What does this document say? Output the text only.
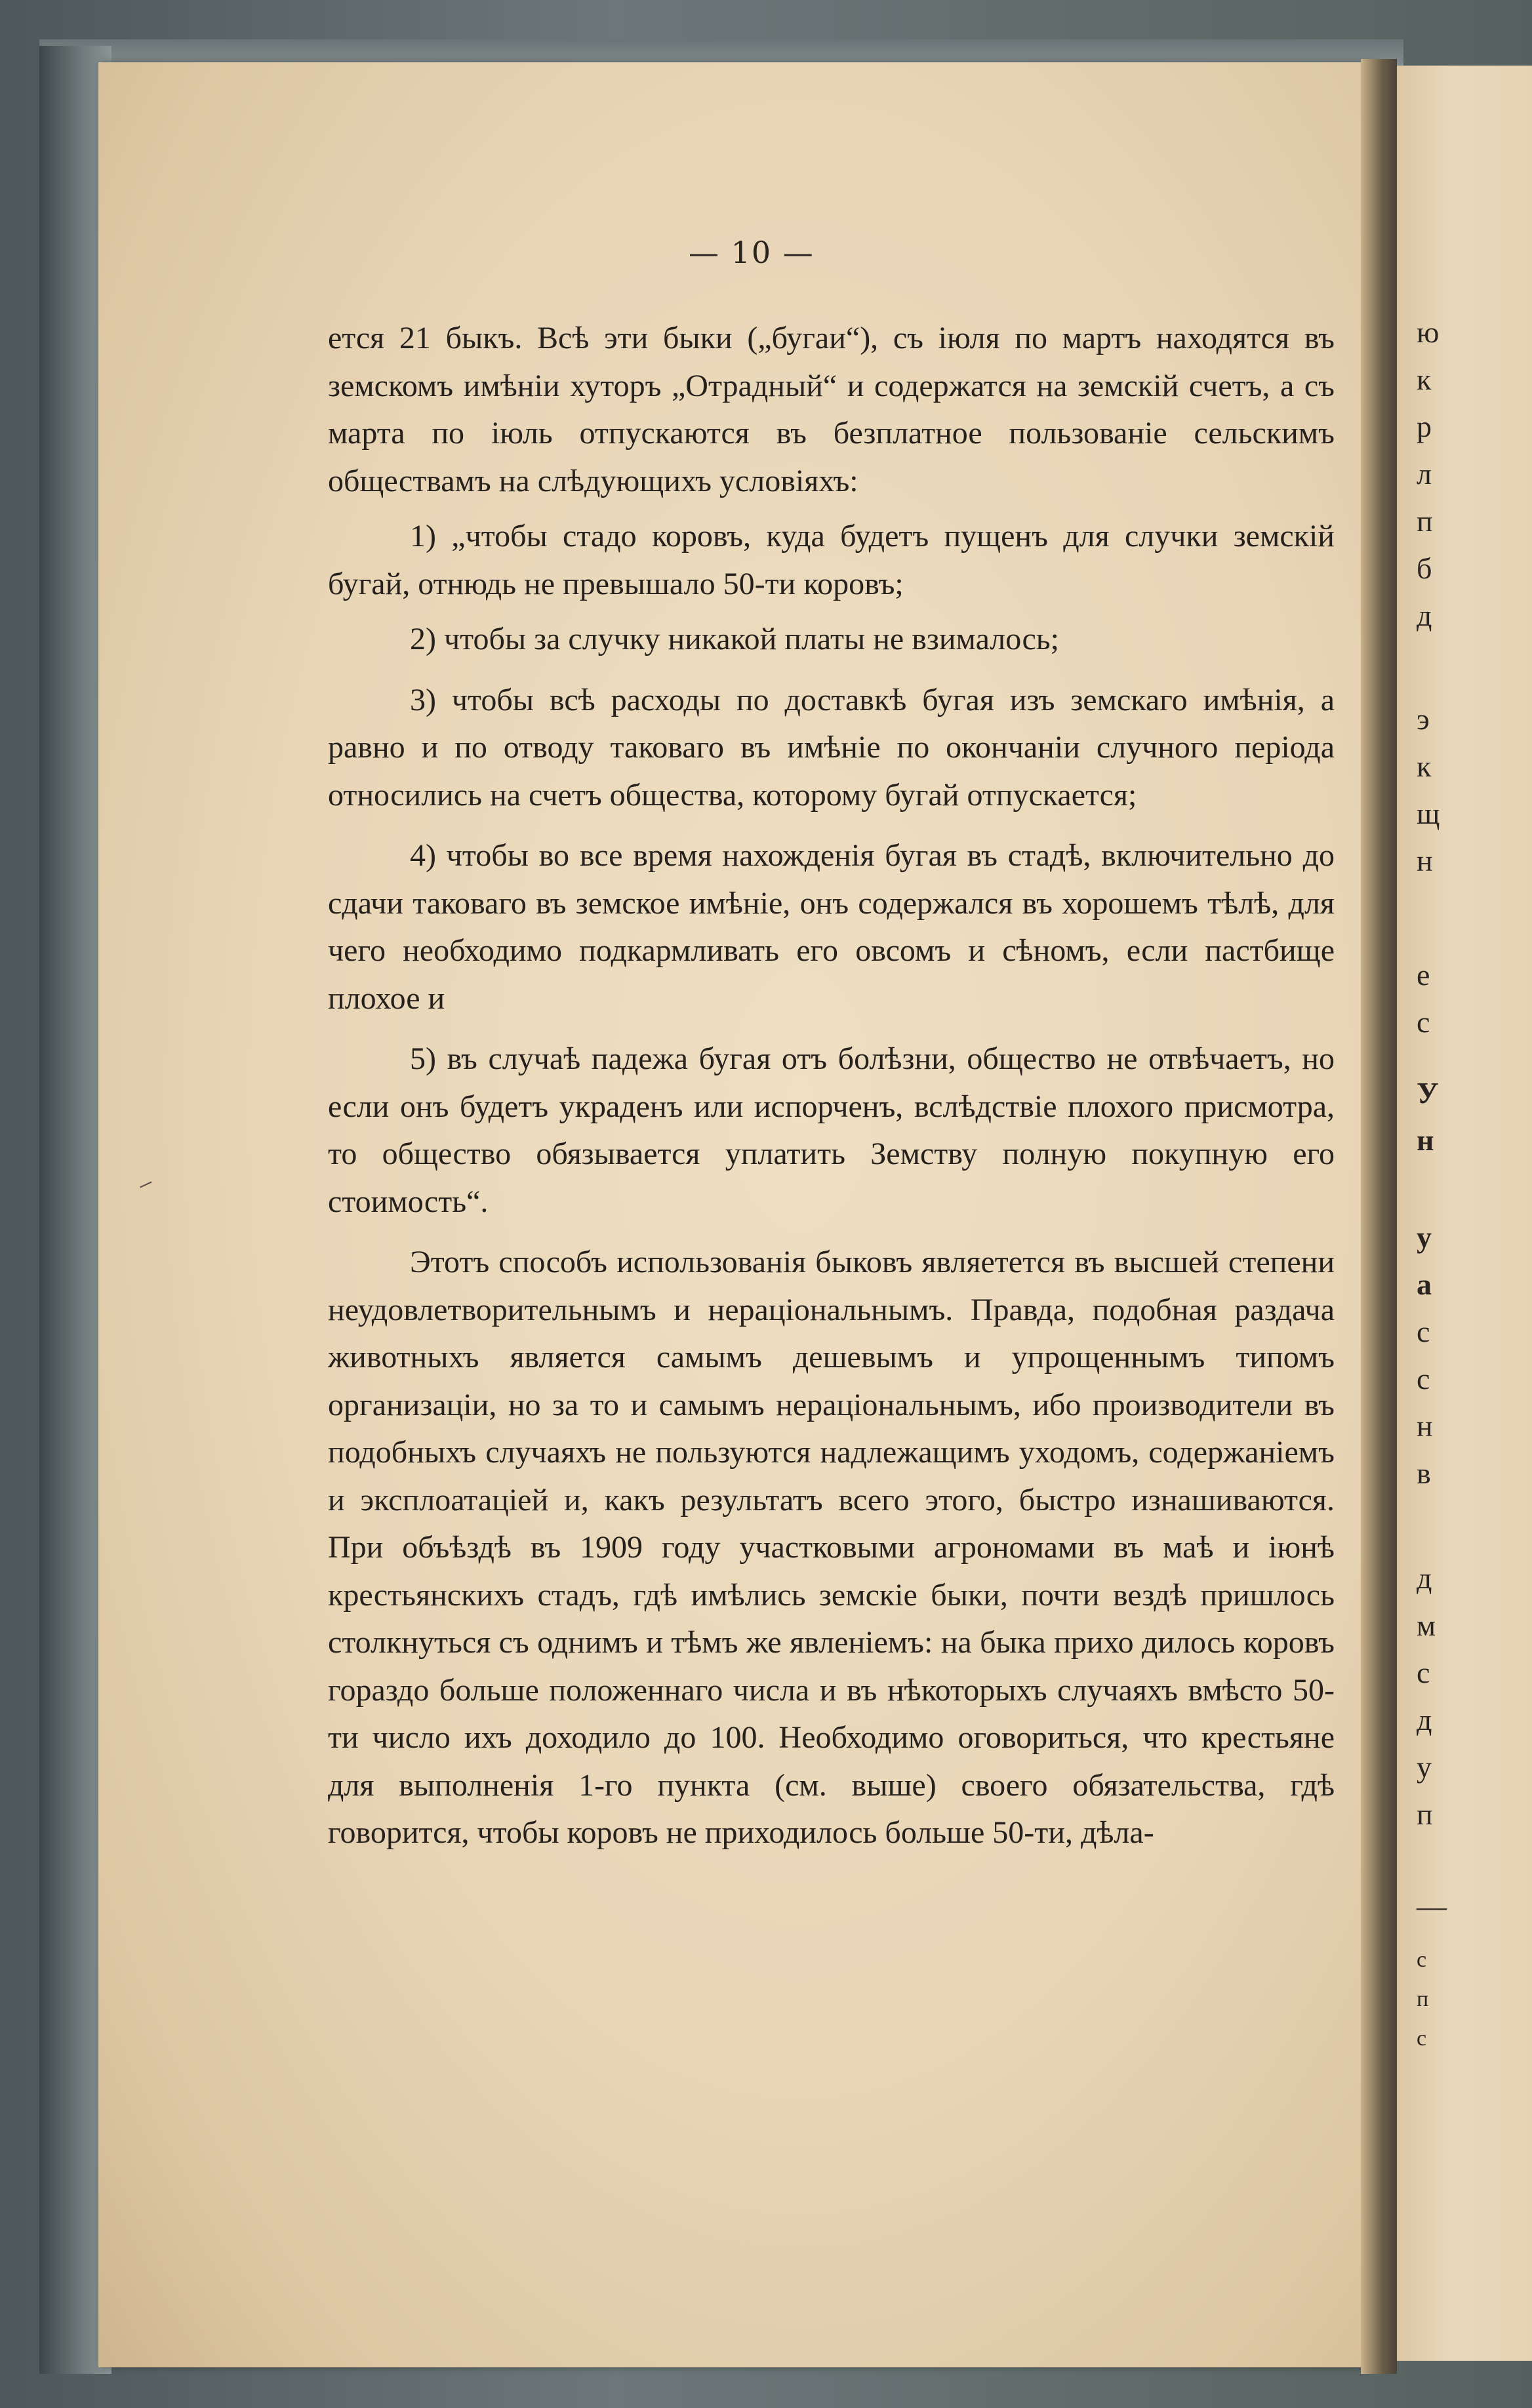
⸝
— 10 —

ется 21 быкъ. Всѣ эти быки („бугаи“), съ іюля по мартъ находятся въ земскомъ имѣніи хуторъ „Отрадный“ и содержатся на земскій счетъ, а съ марта по іюль отпускаются въ безплатное пользованіе сельскимъ обществамъ на слѣдующихъ условіяхъ:

1) „чтобы стадо коровъ, куда будетъ пущенъ для случки земскій бугай, отнюдь не превышало 50-ти коровъ;

2) чтобы за случку никакой платы не взималось;

3) чтобы всѣ расходы по доставкѣ бугая изъ земскаго имѣнія, а равно и по отводу таковаго въ имѣніе по окончаніи случного періода относились на счетъ общества, которому бугай отпускается;

4) чтобы во все время нахожденія бугая въ стадѣ, включительно до сдачи таковаго въ земское имѣніе, онъ содержался въ хорошемъ тѣлѣ, для чего необходимо подкармливать его овсомъ и сѣномъ, если пастбище плохое и

5) въ случаѣ падежа бугая отъ болѣзни, общество не отвѣчаетъ, но если онъ будетъ украденъ или испорченъ, вслѣдствіе плохого присмотра, то общество обязывается уплатить Земству полную покупную его стоимость“.

Этотъ способъ использованія быковъ являетется въ высшей степени неудовлетворительнымъ и нераціональнымъ. Правда, подобная раздача животныхъ является самымъ дешевымъ и упрощеннымъ типомъ организаціи, но за то и самымъ нераціональнымъ, ибо производители въ подобныхъ случаяхъ не пользуются надлежащимъ уходомъ, содержаніемъ и эксплоатаціей и, какъ результатъ всего этого, быстро изнашиваются. При объѣздѣ въ 1909 году участковыми агрономами въ маѣ и іюнѣ крестьянскихъ стадъ, гдѣ имѣлись земскіе быки, почти вездѣ пришлось столкнуться съ однимъ и тѣмъ же явленіемъ: на быка прихо дилось коровъ гораздо больше положеннаго числа и въ нѣкоторыхъ случаяхъ вмѣсто 50-ти число ихъ доходило до 100. Необходимо оговориться, что крестьяне для выполненія 1-го пункта (см. выше) своего обязательства, гдѣ говорится, чтобы коровъ не приходилось больше 50-ти, дѣла-

ю
к
р
л
п
б
д
э
к
щ
н
е
с
У
н
у
а
с
с
н
в
д
м
с
д
у
п
—
с
п
с
